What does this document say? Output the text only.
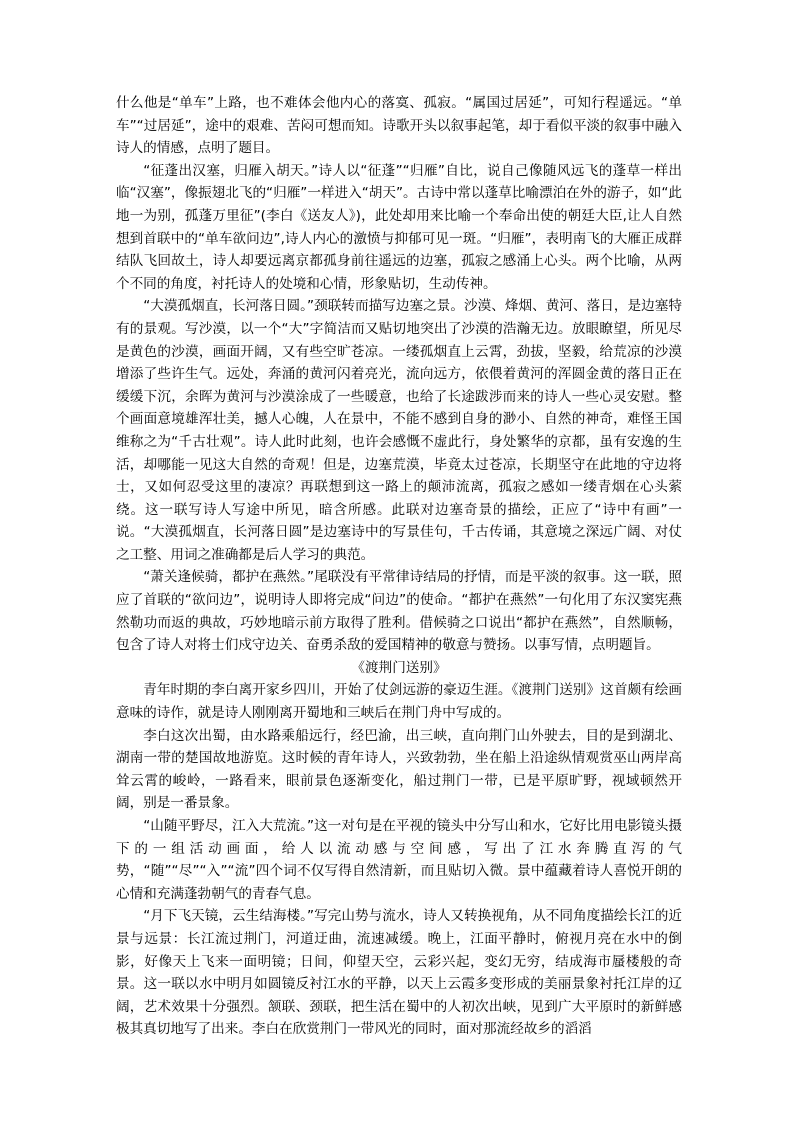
什么他是“单车”上路，也不难体会他内心的落寞、孤寂。“属国过居延”，可知行程遥远。“单车”“过居延”，途中的艰难、苦闷可想而知。诗歌开头以叙事起笔，却于看似平淡的叙事中融入诗人的情感，点明了题目。

“征蓬出汉塞，归雁入胡天。”诗人以“征蓬”“归雁”自比，说自己像随风远飞的蓬草一样出临“汉塞”，像振翅北飞的“归雁”一样进入“胡天”。古诗中常以蓬草比喻漂泊在外的游子，如“此地一为别，孤蓬万里征”(李白《送友人》)，此处却用来比喻一个奉命出使的朝廷大臣,让人自然想到首联中的“单车欲问边”,诗人内心的激愤与抑郁可见一斑。“归雁”，表明南飞的大雁正成群结队飞回故土，诗人却要远离京都孤身前往遥远的边塞，孤寂之感涌上心头。两个比喻，从两个不同的角度，衬托诗人的处境和心情，形象贴切，生动传神。

“大漠孤烟直，长河落日圆。”颈联转而描写边塞之景。沙漠、烽烟、黄河、落日，是边塞特有的景观。写沙漠，以一个“大”字简洁而又贴切地突出了沙漠的浩瀚无边。放眼瞭望，所见尽是黄色的沙漠，画面开阔，又有些空旷苍凉。一缕孤烟直上云霄，劲拔，坚毅，给荒凉的沙漠增添了些许生气。远处，奔涌的黄河闪着亮光，流向远方，依偎着黄河的浑圆金黄的落日正在缓缓下沉，余晖为黄河与沙漠涂成了一些暖意，也给了长途跋涉而来的诗人一些心灵安慰。整个画面意境雄浑壮美，撼人心魄，人在景中，不能不感到自身的渺小、自然的神奇，难怪王国维称之为“千古壮观”。诗人此时此刻，也许会感慨不虚此行，身处繁华的京都，虽有安逸的生活，却哪能一见这大自然的奇观！但是，边塞荒漠，毕竟太过苍凉，长期坚守在此地的守边将士，又如何忍受这里的凄凉？再联想到这一路上的颠沛流离，孤寂之感如一缕青烟在心头萦绕。这一联写诗人写途中所见，暗含所感。此联对边塞奇景的描绘，正应了“诗中有画”一说。“大漠孤烟直，长河落日圆”是边塞诗中的写景佳句，千古传诵，其意境之深远广阔、对仗之工整、用词之准确都是后人学习的典范。

“萧关逢候骑，都护在燕然。”尾联没有平常律诗结局的抒情，而是平淡的叙事。这一联，照应了首联的“欲问边”，说明诗人即将完成“问边”的使命。“都护在燕然”一句化用了东汉窦宪燕然勒功而返的典故，巧妙地暗示前方取得了胜利。借候骑之口说出“都护在燕然”，自然顺畅，包含了诗人对将士们戍守边关、奋勇杀敌的爱国精神的敬意与赞扬。以事写情，点明题旨。

《渡荆门送别》

青年时期的李白离开家乡四川，开始了仗剑远游的豪迈生涯。《渡荆门送别》这首颇有绘画意味的诗作，就是诗人刚刚离开蜀地和三峡后在荆门舟中写成的。

李白这次出蜀，由水路乘船远行，经巴渝，出三峡，直向荆门山外驶去，目的是到湖北、湖南一带的楚国故地游览。这时候的青年诗人，兴致勃勃，坐在船上沿途纵情观赏巫山两岸高耸云霄的峻岭，一路看来，眼前景色逐渐变化，船过荆门一带，已是平原旷野，视域顿然开阔，别是一番景象。

“山随平野尽，江入大荒流。”这一对句是在平视的镜头中分写山和水，它好比用电影镜头摄下的一组活动画面，给人以流动感与空间感，写出了江水奔腾直泻的气势，“随”“尽”“入”“流”四个词不仅写得自然清新，而且贴切入微。景中蕴藏着诗人喜悦开朗的心情和充满蓬勃朝气的青春气息。

“月下飞天镜，云生结海楼。”写完山势与流水，诗人又转换视角，从不同角度描绘长江的近景与远景：长江流过荆门，河道迂曲，流速减缓。晚上，江面平静时，俯视月亮在水中的倒影，好像天上飞来一面明镜；日间，仰望天空，云彩兴起，变幻无穷，结成海市蜃楼般的奇景。这一联以水中明月如圆镜反衬江水的平静，以天上云霞多变形成的美丽景象衬托江岸的辽阔，艺术效果十分强烈。颔联、颈联，把生活在蜀中的人初次出峡，见到广大平原时的新鲜感极其真切地写了出来。李白在欣赏荆门一带风光的同时，面对那流经故乡的滔滔
